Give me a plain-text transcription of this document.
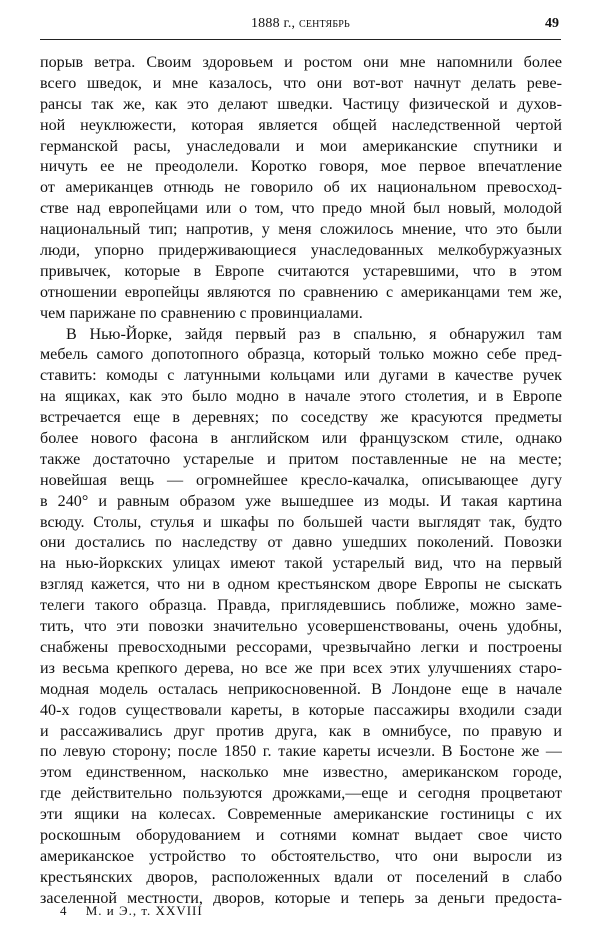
1888 г., сентябрь	49
порыв ветра. Своим здоровьем и ростом они мне напомнили более
всего шведок, и мне казалось, что они вот-вот начнут делать реве-
рансы так же, как это делают шведки. Частицу физической и духов-
ной неуклюжести, которая является общей наследственной чертой
германской расы, унаследовали и мои американские спутники и
ничуть ее не преодолели. Коротко говоря, мое первое впечатление
от американцев отнюдь не говорило об их национальном превосход-
стве над европейцами или о том, что предо мной был новый, молодой
национальный тип; напротив, у меня сложилось мнение, что это были
люди, упорно придерживающиеся унаследованных мелкобуржуазных
привычек, которые в Европе считаются устаревшими, что в этом
отношении европейцы являются по сравнению с американцами тем же,
чем парижане по сравнению с провинциалами.
В Нью-Йорке, зайдя первый раз в спальню, я обнаружил там
мебель самого допотопного образца, который только можно себе пред-
ставить: комоды с латунными кольцами или дугами в качестве ручек
на ящиках, как это было модно в начале этого столетия, и в Европе
встречается еще в деревнях; по соседству же красуются предметы
более нового фасона в английском или французском стиле, однако
также достаточно устарелые и притом поставленные не на месте;
новейшая вещь — огромнейшее кресло-качалка, описывающее дугу
в 240° и равным образом уже вышедшее из моды. И такая картина
всюду. Столы, стулья и шкафы по большей части выглядят так, будто
они достались по наследству от давно ушедших поколений. Повозки
на нью-йоркских улицах имеют такой устарелый вид, что на первый
взгляд кажется, что ни в одном крестьянском дворе Европы не сыскать
телеги такого образца. Правда, приглядевшись поближе, можно заме-
тить, что эти повозки значительно усовершенствованы, очень удобны,
снабжены превосходными рессорами, чрезвычайно легки и построены
из весьма крепкого дерева, но все же при всех этих улучшениях старо-
модная модель осталась неприкосновенной. В Лондоне еще в начале
40-х годов существовали кареты, в которые пассажиры входили сзади
и рассаживались друг против друга, как в омнибусе, по правую и
по левую сторону; после 1850 г. такие кареты исчезли. В Бостоне же —
этом единственном, насколько мне известно, американском городе,
где действительно пользуются дрожками,—еще и сегодня процветают
эти ящики на колесах. Современные американские гостиницы с их
роскошным оборудованием и сотнями комнат выдает свое чисто
американское устройство то обстоятельство, что они выросли из
крестьянских дворов, расположенных вдали от поселений в слабо
заселенной местности, дворов, которые и теперь за деньги предоста-
4 М. и Э., т. XXVIII
